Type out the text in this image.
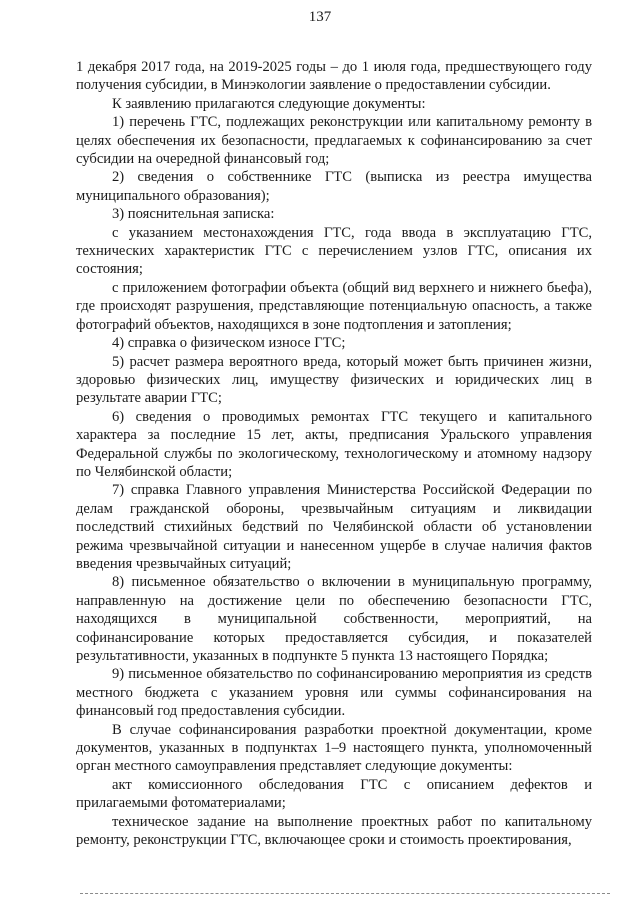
137

1 декабря 2017 года, на 2019-2025 годы – до 1 июля года, предшествующего году получения субсидии, в Минэкологии заявление о предоставлении субсидии.

К заявлению прилагаются следующие документы:

1) перечень ГТС, подлежащих реконструкции или капитальному ремонту в целях обеспечения их безопасности, предлагаемых к софинансированию за счет субсидии на очередной финансовый год;

2) сведения о собственнике ГТС (выписка из реестра имущества муниципального образования);

3) пояснительная записка:

с указанием местонахождения ГТС, года ввода в эксплуатацию ГТС, технических характеристик ГТС с перечислением узлов ГТС, описания их состояния;

с приложением фотографии объекта (общий вид верхнего и нижнего бьефа), где происходят разрушения, представляющие потенциальную опасность, а также фотографий объектов, находящихся в зоне подтопления и затопления;

4) справка о физическом износе ГТС;

5) расчет размера вероятного вреда, который может быть причинен жизни, здоровью физических лиц, имуществу физических и юридических лиц в результате аварии ГТС;

6) сведения о проводимых ремонтах ГТС текущего и капитального характера за последние 15 лет, акты, предписания Уральского управления Федеральной службы по экологическому, технологическому и атомному надзору по Челябинской области;

7) справка Главного управления Министерства Российской Федерации по делам гражданской обороны, чрезвычайным ситуациям и ликвидации последствий стихийных бедствий по Челябинской области об установлении режима чрезвычайной ситуации и нанесенном ущербе в случае наличия фактов введения чрезвычайных ситуаций;

8) письменное обязательство о включении в муниципальную программу, направленную на достижение цели по обеспечению безопасности ГТС, находящихся в муниципальной собственности, мероприятий, на софинансирование которых предоставляется субсидия, и показателей результативности, указанных в подпункте 5 пункта 13 настоящего Порядка;

9) письменное обязательство по софинансированию мероприятия из средств местного бюджета с указанием уровня или суммы софинансирования на финансовый год предоставления субсидии.

В случае софинансирования разработки проектной документации, кроме документов, указанных в подпунктах 1–9 настоящего пункта, уполномоченный орган местного самоуправления представляет следующие документы:

акт комиссионного обследования ГТС с описанием дефектов и прилагаемыми фотоматериалами;

техническое задание на выполнение проектных работ по капитальному ремонту, реконструкции ГТС, включающее сроки и стоимость проектирования,
